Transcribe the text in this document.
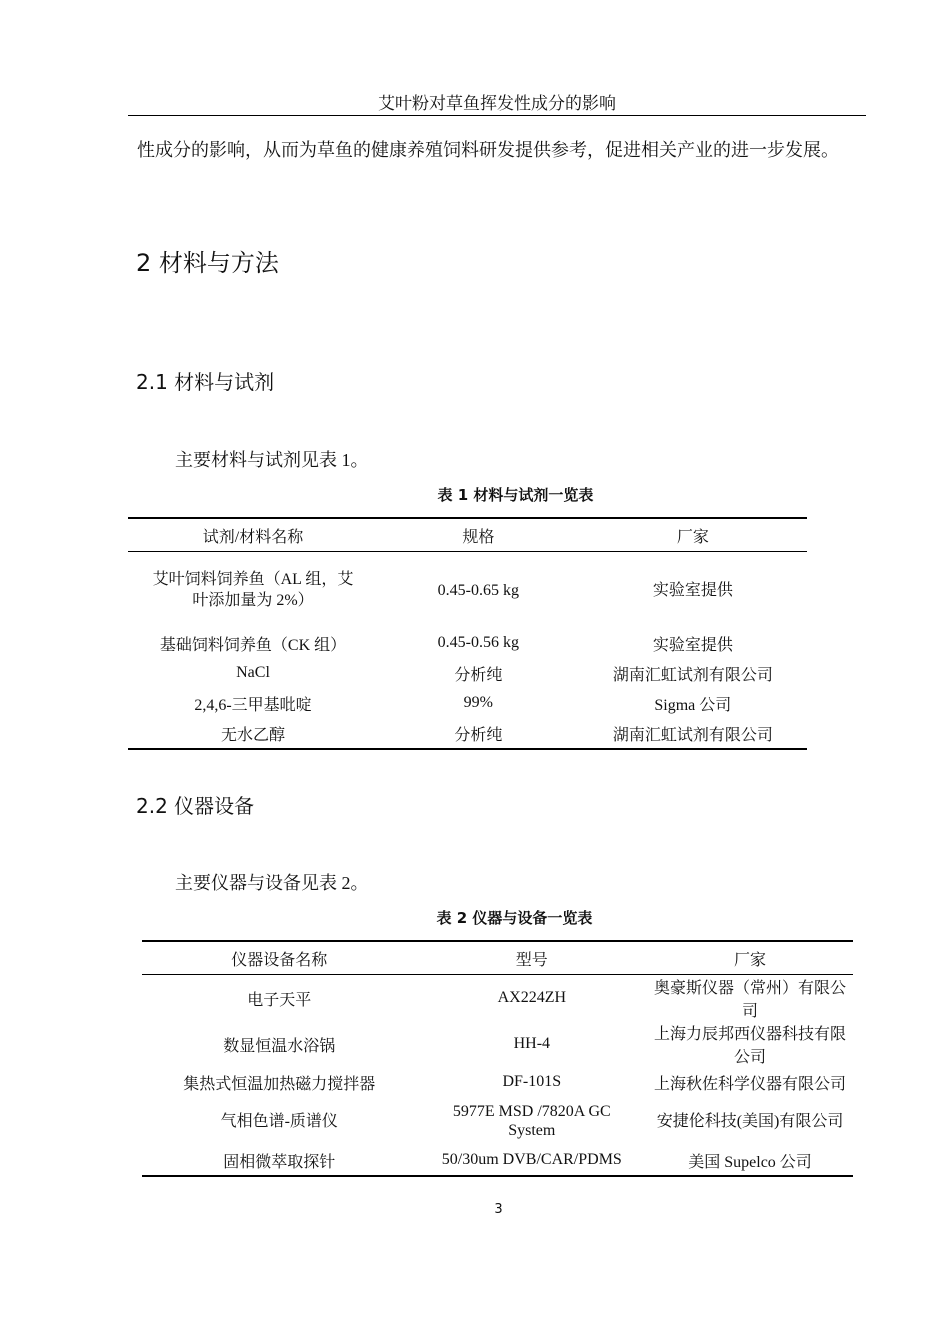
艾叶粉对草鱼挥发性成分的影响
性成分的影响，从而为草鱼的健康养殖饲料研发提供参考，促进相关产业的进一步发展。
2 材料与方法
2.1 材料与试剂
主要材料与试剂见表 1。
表 1 材料与试剂一览表
试剂/材料名称	规格	厂家
艾叶饲料饲养鱼（AL 组，艾叶添加量为 2%）	0.45-0.65 kg	实验室提供
基础饲料饲养鱼（CK 组）	0.45-0.56 kg	实验室提供
NaCl	分析纯	湖南汇虹试剂有限公司
2,4,6-三甲基吡啶	99%	Sigma 公司
无水乙醇	分析纯	湖南汇虹试剂有限公司
2.2 仪器设备
主要仪器与设备见表 2。
表 2 仪器与设备一览表
仪器设备名称	型号	厂家
电子天平	AX224ZH	奥豪斯仪器（常州）有限公司
数显恒温水浴锅	HH-4	上海力辰邦西仪器科技有限公司
集热式恒温加热磁力搅拌器	DF-101S	上海秋佐科学仪器有限公司
气相色谱-质谱仪	5977E MSD /7820A GC System	安捷伦科技(美国)有限公司
固相微萃取探针	50/30um DVB/CAR/PDMS	美国 Supelco 公司
3
